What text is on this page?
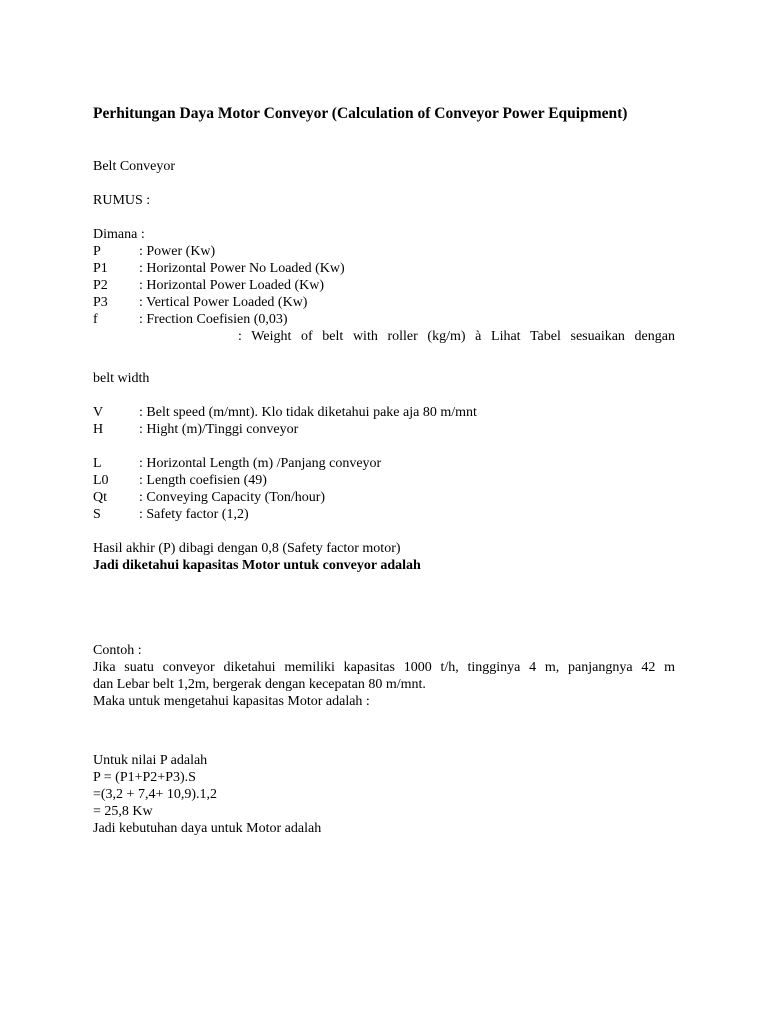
Perhitungan Daya Motor Conveyor (Calculation of Conveyor Power Equipment)

Belt Conveyor

RUMUS :

Dimana :

P	: Power (Kw)
P1	: Horizontal Power No Loaded (Kw)
P2	: Horizontal Power Loaded (Kw)
P3	: Vertical Power Loaded (Kw)
f	: Frection Coefisien (0,03)
: Weight of belt with roller (kg/m) à Lihat Tabel sesuaikan dengan

belt width

V	: Belt speed (m/mnt). Klo tidak diketahui pake aja 80 m/mnt
H	: Hight (m)/Tinggi conveyor
L	: Horizontal Length (m) /Panjang conveyor
L0	: Length coefisien (49)
Qt	: Conveying Capacity (Ton/hour)
S	: Safety factor (1,2)

Hasil akhir (P) dibagi dengan 0,8 (Safety factor motor)

Jadi diketahui kapasitas Motor untuk conveyor adalah

Contoh :

Jika suatu conveyor diketahui memiliki kapasitas 1000 t/h, tingginya 4 m, panjangnya 42 m

dan Lebar belt 1,2m, bergerak dengan kecepatan 80 m/mnt.

Maka untuk mengetahui kapasitas Motor adalah :

Untuk nilai P adalah

P = (P1+P2+P3).S

=(3,2 + 7,4+ 10,9).1,2

= 25,8 Kw

Jadi kebutuhan daya untuk Motor adalah
